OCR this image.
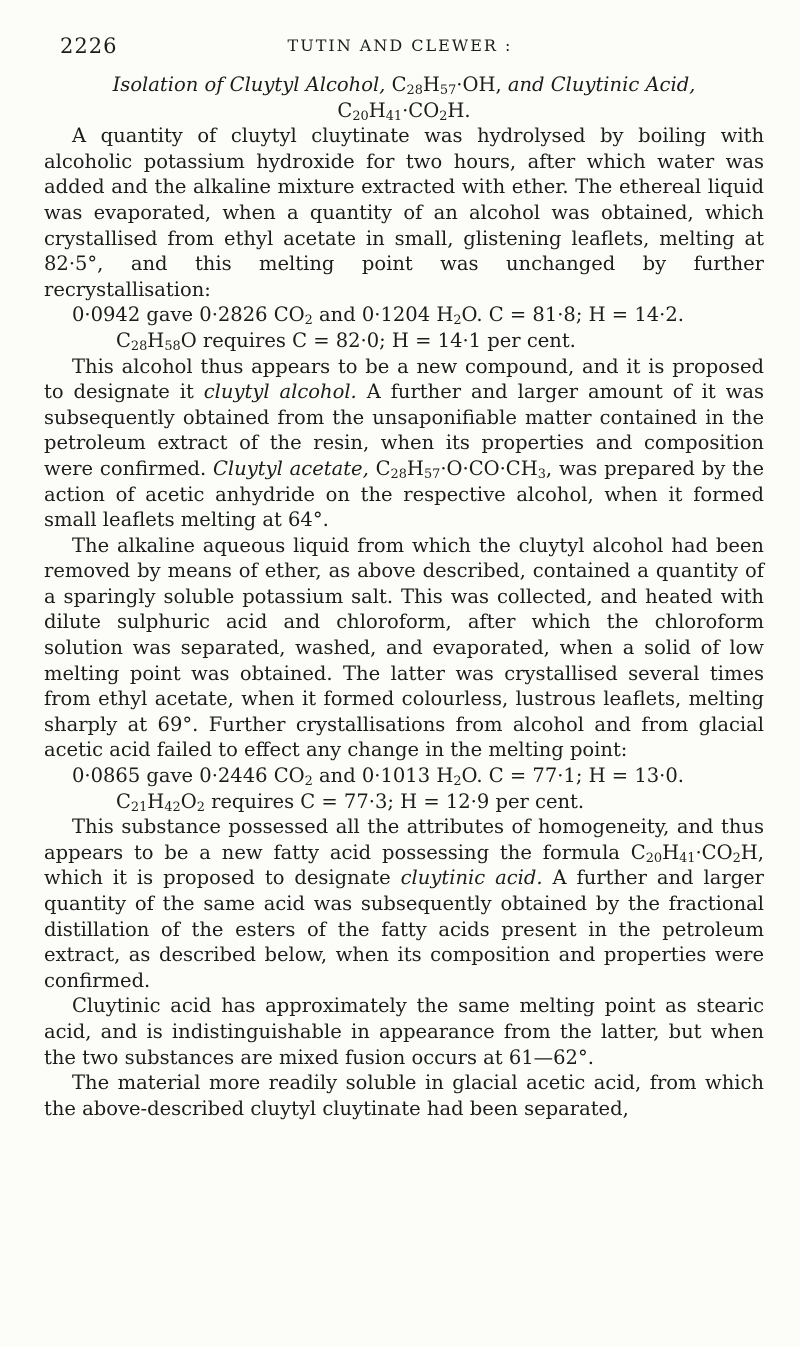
2226	TUTIN AND CLEWER :

Isolation of Cluytyl Alcohol, $C_{28}H_{57}\cdot OH$, and Cluytinic Acid,

$C_{20}H_{41}\cdot CO_2H$.

A quantity of cluytyl cluytinate was hydrolysed by boiling with alcoholic potassium hydroxide for two hours, after which water was added and the alkaline mixture extracted with ether. The ethereal liquid was evaporated, when a quantity of an alcohol was obtained, which crystallised from ethyl acetate in small, glistening leaflets, melting at 82·5°, and this melting point was unchanged by further recrystallisation:

0·0942 gave 0·2826 $CO_2$ and 0·1204 $H_2O$. C = 81·8; H = 14·2.

$C_{28}H_{58}O$ requires C = 82·0; H = 14·1 per cent.

This alcohol thus appears to be a new compound, and it is proposed to designate it cluytyl alcohol. A further and larger amount of it was subsequently obtained from the unsaponifiable matter contained in the petroleum extract of the resin, when its properties and composition were confirmed. Cluytyl acetate, $C_{28}H_{57}\cdot O\cdot CO\cdot CH_3$, was prepared by the action of acetic anhydride on the respective alcohol, when it formed small leaflets melting at 64°.

The alkaline aqueous liquid from which the cluytyl alcohol had been removed by means of ether, as above described, contained a quantity of a sparingly soluble potassium salt. This was collected, and heated with dilute sulphuric acid and chloroform, after which the chloroform solution was separated, washed, and evaporated, when a solid of low melting point was obtained. The latter was crystallised several times from ethyl acetate, when it formed colourless, lustrous leaflets, melting sharply at 69°. Further crystallisations from alcohol and from glacial acetic acid failed to effect any change in the melting point:

0·0865 gave 0·2446 $CO_2$ and 0·1013 $H_2O$. C = 77·1; H = 13·0.

$C_{21}H_{42}O_2$ requires C = 77·3; H = 12·9 per cent.

This substance possessed all the attributes of homogeneity, and thus appears to be a new fatty acid possessing the formula $C_{20}H_{41}\cdot CO_2H$, which it is proposed to designate cluytinic acid. A further and larger quantity of the same acid was subsequently obtained by the fractional distillation of the esters of the fatty acids present in the petroleum extract, as described below, when its composition and properties were confirmed.

Cluytinic acid has approximately the same melting point as stearic acid, and is indistinguishable in appearance from the latter, but when the two substances are mixed fusion occurs at 61—62°.

The material more readily soluble in glacial acetic acid, from which the above-described cluytyl cluytinate had been separated,
